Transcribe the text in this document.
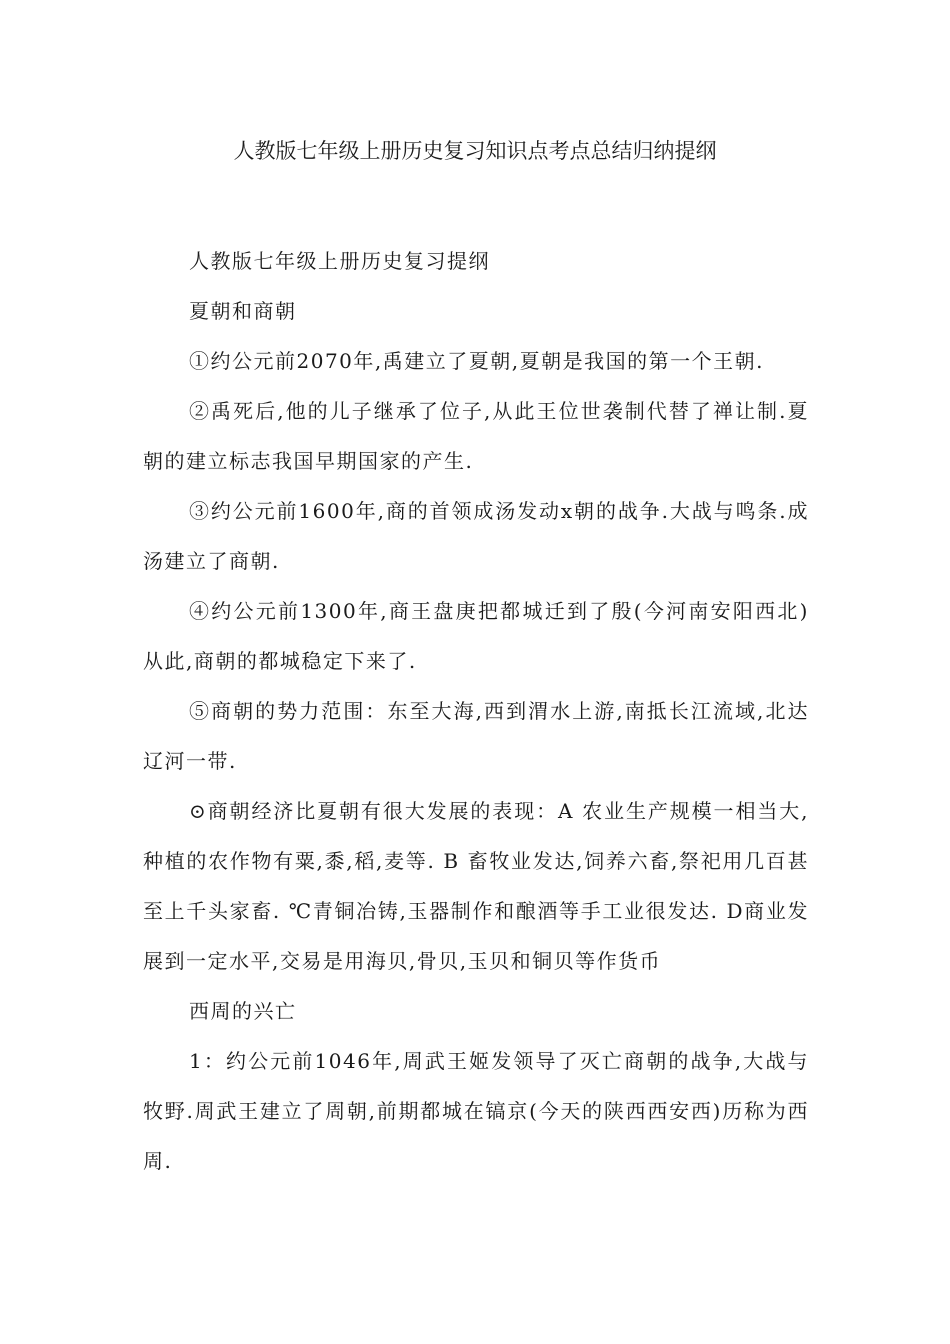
人教版七年级上册历史复习知识点考点总结归纳提纲

人教版七年级上册历史复习提纲

夏朝和商朝

①约公元前2070年,禹建立了夏朝,夏朝是我国的第一个王朝.

②禹死后,他的儿子继承了位子,从此王位世袭制代替了禅让制.夏朝的建立标志我国早期国家的产生.

③约公元前1600年,商的首领成汤发动x朝的战争.大战与鸣条.成汤建立了商朝.

④约公元前1300年,商王盘庚把都城迁到了殷(今河南安阳西北)从此,商朝的都城稳定下来了.

⑤商朝的势力范围：东至大海,西到渭水上游,南抵长江流域,北达辽河一带.

⊙商朝经济比夏朝有很大发展的表现：A 农业生产规模一相当大,种植的农作物有粟,黍,稻,麦等. B 畜牧业发达,饲养六畜,祭祀用几百甚至上千头家畜. ℃青铜冶铸,玉器制作和酿酒等手工业很发达. D商业发展到一定水平,交易是用海贝,骨贝,玉贝和铜贝等作货币

西周的兴亡

1：约公元前1046年,周武王姬发领导了灭亡商朝的战争,大战与牧野.周武王建立了周朝,前期都城在镐京(今天的陕西西安西)历称为西周.
